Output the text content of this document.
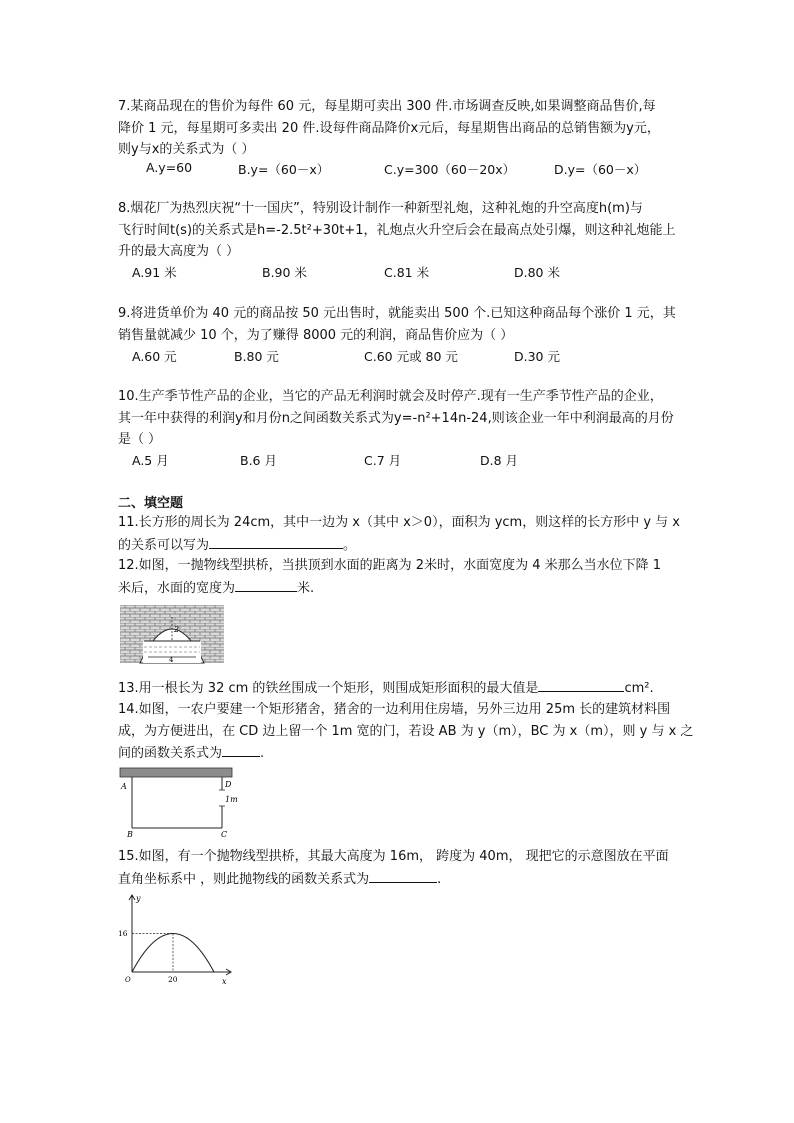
7.某商品现在的售价为每件 60 元，每星期可卖出 300 件.市场调查反映,如果调整商品售价,每
降价 1 元，每星期可多卖出 20 件.设每件商品降价x元后，每星期售出商品的总销售额为y元，
则y与x的关系式为（ ）
A.y=60	B.y=（60－x）	C.y=300（60－20x）	D.y=（60－x）
8.烟花厂为热烈庆祝“十一国庆”，特别设计制作一种新型礼炮，这种礼炮的升空高度h(m)与
飞行时间t(s)的关系式是h=-2.5t²+30t+1，礼炮点火升空后会在最高点处引爆，则这种礼炮能上
升的最大高度为（ ）
A.91 米	B.90 米	C.81 米	D.80 米
9.将进货单价为 40 元的商品按 50 元出售时，就能卖出 500 个.已知这种商品每个涨价 1 元，其
销售量就减少 10 个，为了赚得 8000 元的利润，商品售价应为（ ）
A.60 元	B.80 元	C.60 元或 80 元	D.30 元
10.生产季节性产品的企业，当它的产品无利润时就会及时停产.现有一生产季节性产品的企业，
其一年中获得的利润y和月份n之间函数关系式为y=-n²+14n-24,则该企业一年中利润最高的月份
是（ ）
A.5 月	B.6 月	C.7 月	D.8 月
二、填空题
11.长方形的周长为 24cm，其中一边为 x（其中 x＞0），面积为 ycm，则这样的长方形中 y 与 x
的关系可以写为	。
12.如图，一抛物线型拱桥，当拱顶到水面的距离为 2米时，水面宽度为 4 米那么当水位下降 1
米后，水面的宽度为	米.
2
4
13.用一根长为 32 cm 的铁丝围成一个矩形，则围成矩形面积的最大值是	cm².
14.如图，一农户要建一个矩形猪舍，猪舍的一边利用住房墙，另外三边用 25m 长的建筑材料围
成，为方便进出，在 CD 边上留一个 1m 宽的门，若设 AB 为 y（m），BC 为 x（m），则 y 与 x 之
间的函数关系式为	.
A
B	C
D
1m
15.如图，有一个抛物线型拱桥，其最大高度为 16m， 跨度为 40m， 现把它的示意图放在平面
直角坐标系中 ，则此抛物线的函数关系式为	.
y
x
O
16
20
